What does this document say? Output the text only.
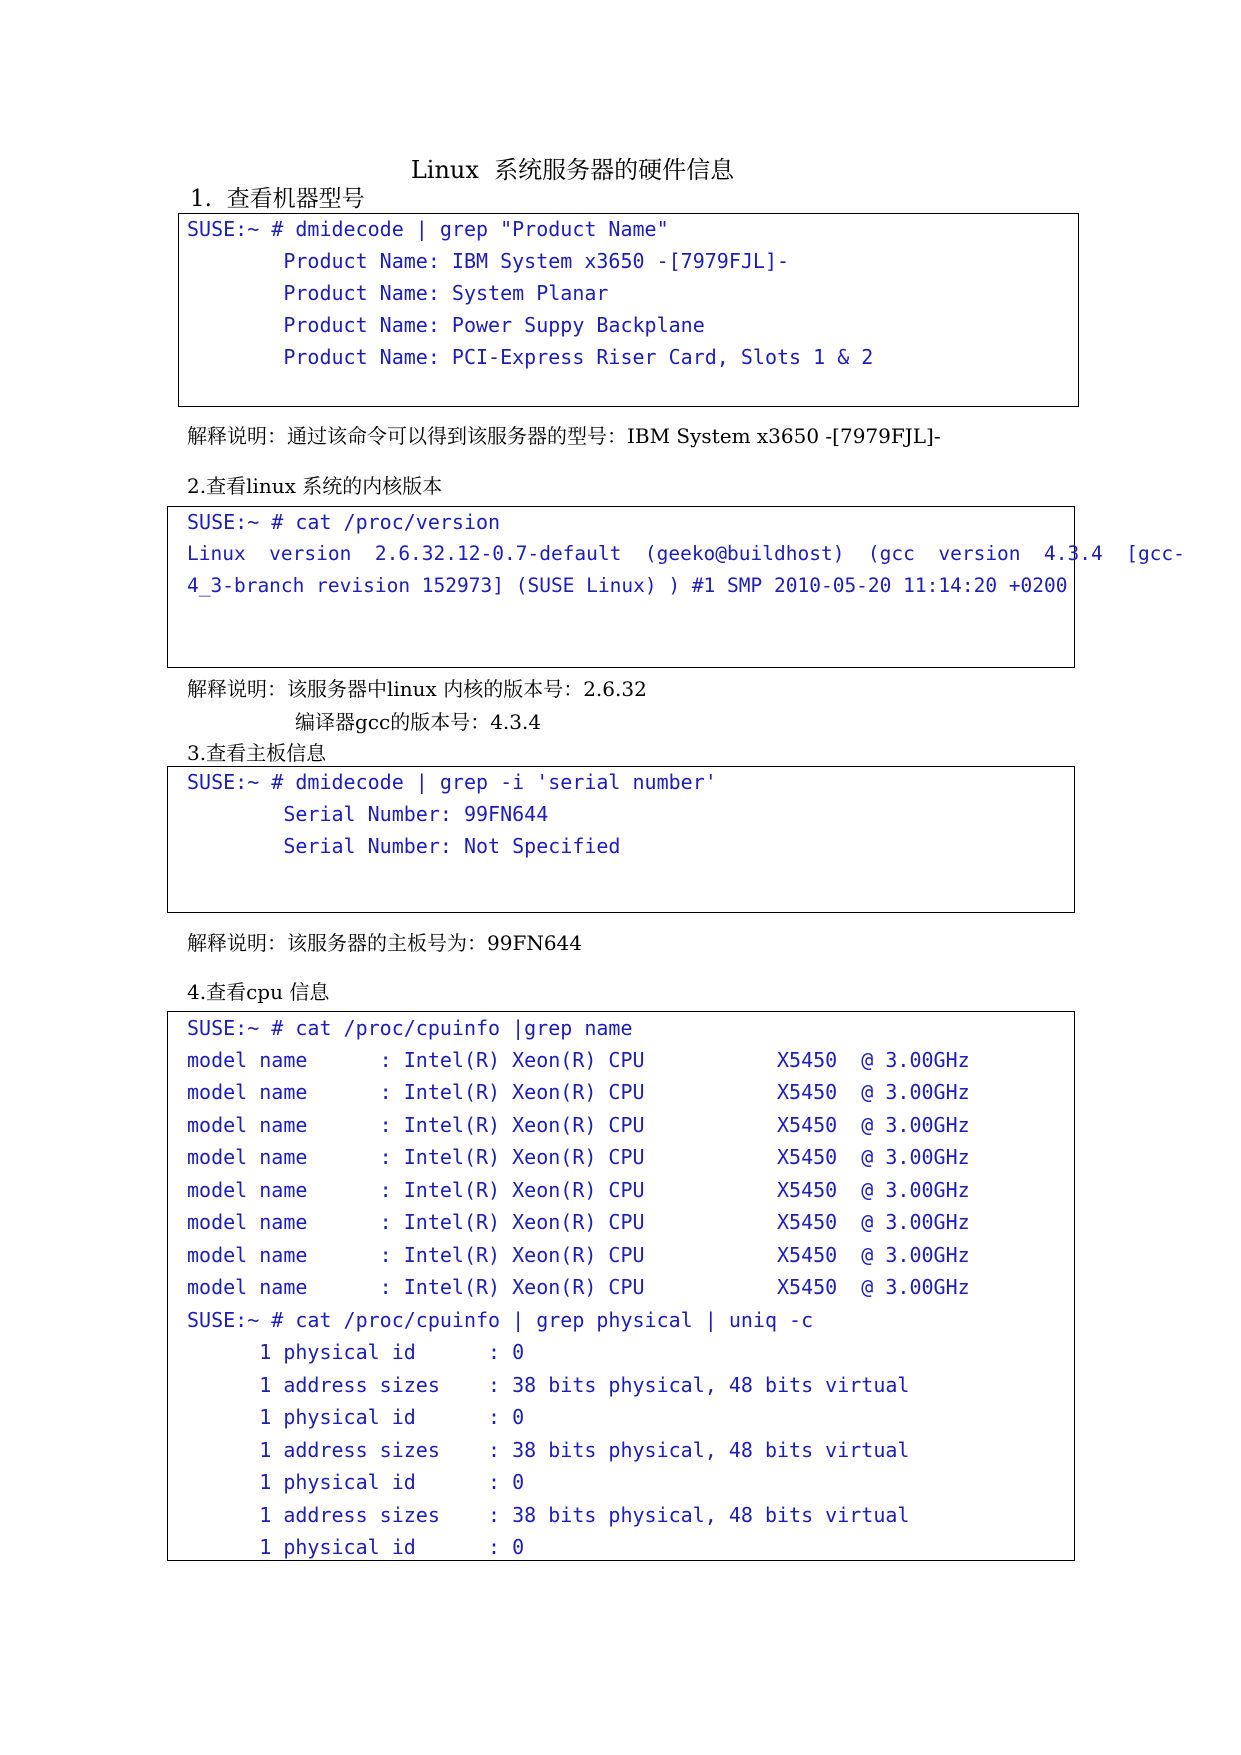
Linux  系统服务器的硬件信息
1.  查看机器型号
SUSE:~ # dmidecode | grep "Product Name"
Product Name: IBM System x3650 -[7979FJL]-
Product Name: System Planar
Product Name: Power Suppy Backplane
Product Name: PCI-Express Riser Card, Slots 1 & 2
解释说明：通过该命令可以得到该服务器的型号：IBM System x3650 -[7979FJL]-
2.查看linux 系统的内核版本
SUSE:~ # cat /proc/version
Linux  version  2.6.32.12-0.7-default  (geeko@buildhost)  (gcc  version  4.3.4  [gcc-
4_3-branch revision 152973] (SUSE Linux) ) #1 SMP 2010-05-20 11:14:20 +0200
解释说明：该服务器中linux 内核的版本号：2.6.32
编译器gcc的版本号：4.3.4
3.查看主板信息
SUSE:~ # dmidecode | grep -i 'serial number'
Serial Number: 99FN644
Serial Number: Not Specified
解释说明：该服务器的主板号为：99FN644
4.查看cpu 信息
SUSE:~ # cat /proc/cpuinfo |grep name
model name      : Intel(R) Xeon(R) CPU           X5450  @ 3.00GHz
model name      : Intel(R) Xeon(R) CPU           X5450  @ 3.00GHz
model name      : Intel(R) Xeon(R) CPU           X5450  @ 3.00GHz
model name      : Intel(R) Xeon(R) CPU           X5450  @ 3.00GHz
model name      : Intel(R) Xeon(R) CPU           X5450  @ 3.00GHz
model name      : Intel(R) Xeon(R) CPU           X5450  @ 3.00GHz
model name      : Intel(R) Xeon(R) CPU           X5450  @ 3.00GHz
model name      : Intel(R) Xeon(R) CPU           X5450  @ 3.00GHz
SUSE:~ # cat /proc/cpuinfo | grep physical | uniq -c
1 physical id      : 0
1 address sizes    : 38 bits physical, 48 bits virtual
1 physical id      : 0
1 address sizes    : 38 bits physical, 48 bits virtual
1 physical id      : 0
1 address sizes    : 38 bits physical, 48 bits virtual
1 physical id      : 0
